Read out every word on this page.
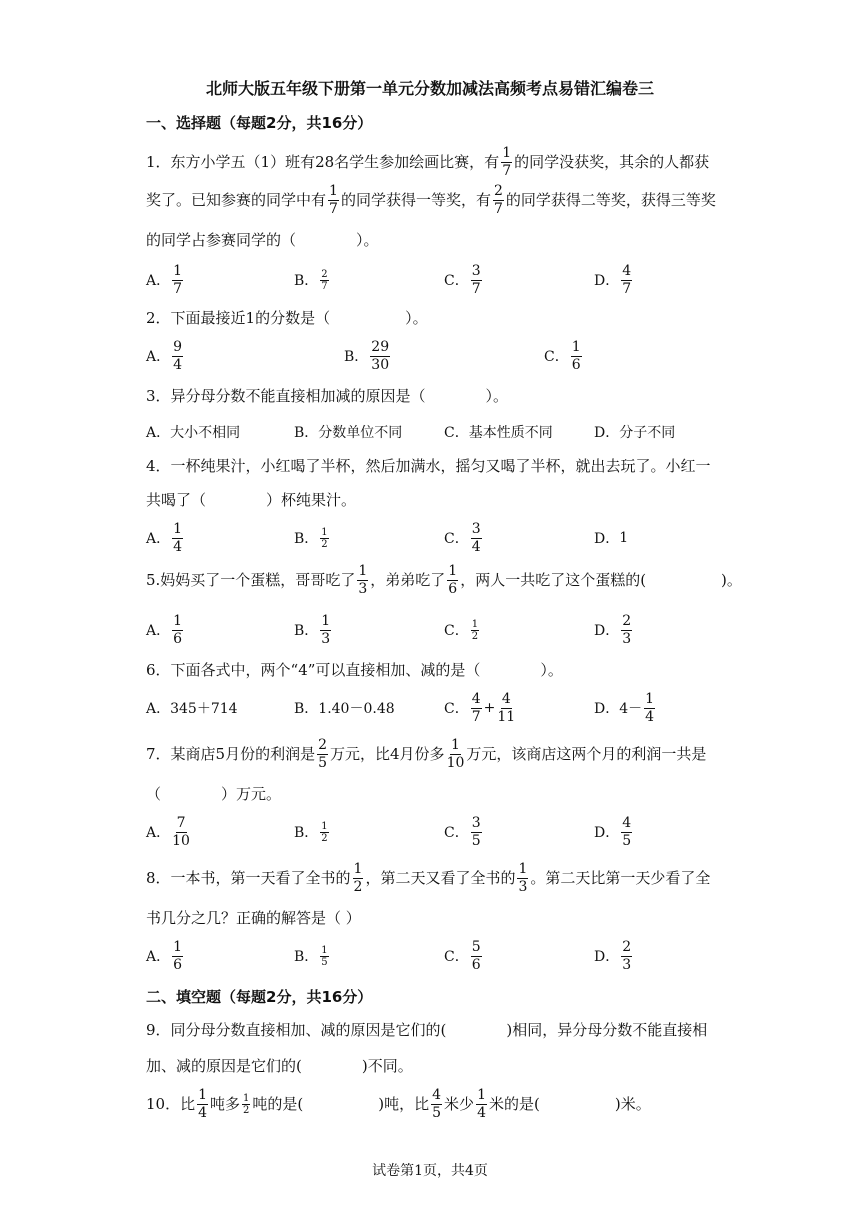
北师大版五年级下册第一单元分数加减法高频考点易错汇编卷三
一、选择题（每题2分，共16分）
1．东方小学五（1）班有28名学生参加绘画比赛，有 $\frac{1}{7}$ 的同学没获奖，其余的人都获
奖了。已知参赛的同学中有 $\frac{1}{7}$ 的同学获得一等奖，有 $\frac{2}{7}$ 的同学获得二等奖，获得三等奖
的同学占参赛同学的（　　　　）。
A． $\frac{1}{7}$	B． $\frac{2}{7}$	C． $\frac{3}{7}$	D． $\frac{4}{7}$
2．下面最接近1的分数是（　　　　　）。
A． $\frac{9}{4}$	B． $\frac{29}{30}$	C． $\frac{1}{6}$
3．异分母分数不能直接相加减的原因是（　　　　）。
A．大小不相同	B．分数单位不同	C．基本性质不同	D．分子不同
4．一杯纯果汁，小红喝了半杯，然后加满水，摇匀又喝了半杯，就出去玩了。小红一
共喝了（　　　　）杯纯果汁。
A． $\frac{1}{4}$	B． $\frac{1}{2}$	C． $\frac{3}{4}$	D． 1
5.妈妈买了一个蛋糕，哥哥吃了 $\frac{1}{3}$ ，弟弟吃了 $\frac{1}{6}$ ，两人一共吃了这个蛋糕的(　　　　　)。
A． $\frac{1}{6}$	B． $\frac{1}{3}$	C． $\frac{1}{2}$	D． $\frac{2}{3}$
6．下面各式中，两个“4”可以直接相加、减的是（　　　　）。
A．345＋714	B．1.40－0.48	C． $\frac{4}{7} + \frac{4}{11}$	D． $4- \frac{1}{4}$
7．某商店5月份的利润是 $\frac{2}{5}$ 万元，比4月份多 $\frac{1}{10}$ 万元，该商店这两个月的利润一共是
（　　　　）万元。
A． $\frac{7}{10}$	B． $\frac{1}{2}$	C． $\frac{3}{5}$	D． $\frac{4}{5}$
8．一本书，第一天看了全书的 $\frac{1}{2}$ ，第二天又看了全书的 $\frac{1}{3}$ 。第二天比第一天少看了全
书几分之几？正确的解答是（ ）
A． $\frac{1}{6}$	B． $\frac{1}{5}$	C． $\frac{5}{6}$	D． $\frac{2}{3}$
二、填空题（每题2分，共16分）
9．同分母分数直接相加、减的原因是它们的(　　　　)相同，异分母分数不能直接相
加、减的原因是它们的(　　　　)不同。
10．比 $\frac{1}{4}$ 吨多 $\frac{1}{2}$ 吨的是(　　　　　)吨，比 $\frac{4}{5}$ 米少 $\frac{1}{4}$ 米的是(　　　　　)米。
试卷第1页，共4页
